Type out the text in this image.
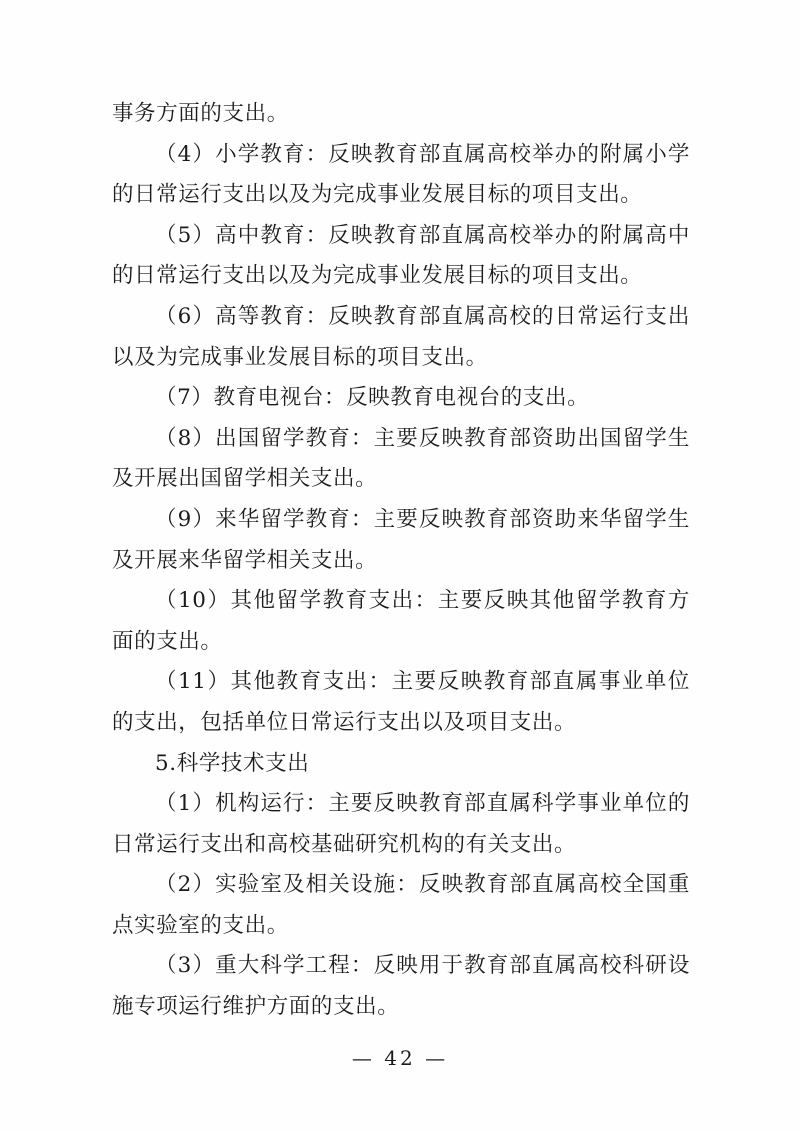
事务方面的支出。

（4）小学教育：反映教育部直属高校举办的附属小学的日常运行支出以及为完成事业发展目标的项目支出。

（5）高中教育：反映教育部直属高校举办的附属高中的日常运行支出以及为完成事业发展目标的项目支出。

（6）高等教育：反映教育部直属高校的日常运行支出以及为完成事业发展目标的项目支出。

（7）教育电视台：反映教育电视台的支出。

（8）出国留学教育：主要反映教育部资助出国留学生及开展出国留学相关支出。

（9）来华留学教育：主要反映教育部资助来华留学生及开展来华留学相关支出。

（10）其他留学教育支出：主要反映其他留学教育方面的支出。

（11）其他教育支出：主要反映教育部直属事业单位的支出，包括单位日常运行支出以及项目支出。

5.科学技术支出

（1）机构运行：主要反映教育部直属科学事业单位的日常运行支出和高校基础研究机构的有关支出。

（2）实验室及相关设施：反映教育部直属高校全国重点实验室的支出。

（3）重大科学工程：反映用于教育部直属高校科研设施专项运行维护方面的支出。

— 42 —
